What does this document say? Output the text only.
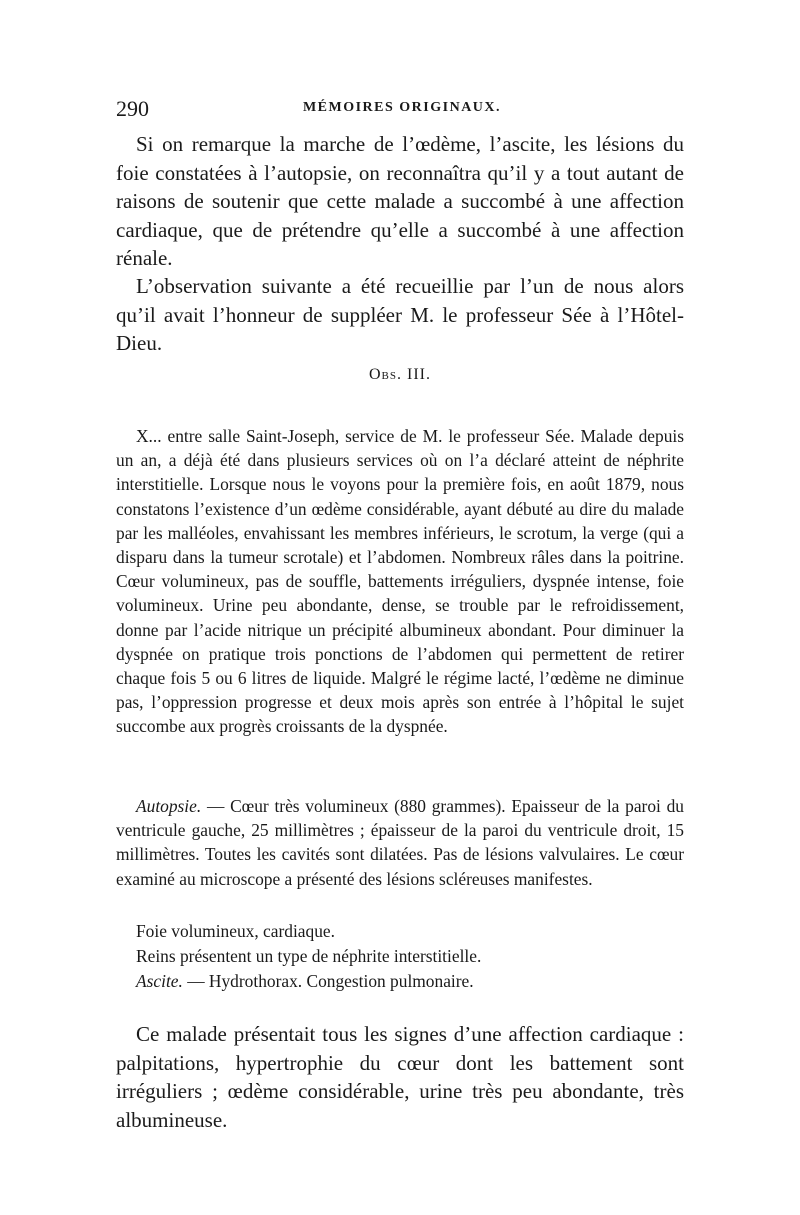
290	MÉMOIRES ORIGINAUX.

Si on remarque la marche de l’œdème, l’ascite, les lésions du foie constatées à l’autopsie, on reconnaîtra qu’il y a tout autant de raisons de soutenir que cette malade a succombé à une affection cardiaque, que de prétendre qu’elle a succombé à une affection rénale.

L’observation suivante a été recueillie par l’un de nous alors qu’il avait l’honneur de suppléer M. le professeur Sée à l’Hôtel-Dieu.

Obs. III.

X... entre salle Saint-Joseph, service de M. le professeur Sée. Malade depuis un an, a déjà été dans plusieurs services où on l’a déclaré atteint de néphrite interstitielle. Lorsque nous le voyons pour la première fois, en août 1879, nous constatons l’existence d’un œdème considérable, ayant débuté au dire du malade par les malléoles, envahissant les membres inférieurs, le scrotum, la verge (qui a disparu dans la tumeur scrotale) et l’abdomen. Nombreux râles dans la poitrine. Cœur volumineux, pas de souffle, battements irréguliers, dyspnée intense, foie volumineux. Urine peu abondante, dense, se trouble par le refroidissement, donne par l’acide nitrique un précipité albumineux abondant. Pour diminuer la dyspnée on pratique trois ponctions de l’abdomen qui permettent de retirer chaque fois 5 ou 6 litres de liquide. Malgré le régime lacté, l’œdème ne diminue pas, l’oppression progresse et deux mois après son entrée à l’hôpital le sujet succombe aux progrès croissants de la dyspnée.

Autopsie. — Cœur très volumineux (880 grammes). Epaisseur de la paroi du ventricule gauche, 25 millimètres ; épaisseur de la paroi du ventricule droit, 15 millimètres. Toutes les cavités sont dilatées. Pas de lésions valvulaires. Le cœur examiné au microscope a présenté des lésions scléreuses manifestes.

Foie volumineux, cardiaque.

Reins présentent un type de néphrite interstitielle.

Ascite. — Hydrothorax. Congestion pulmonaire.

Ce malade présentait tous les signes d’une affection cardiaque : palpitations, hypertrophie du cœur dont les battement sont irréguliers ; œdème considérable, urine très peu abondante, très albumineuse.
